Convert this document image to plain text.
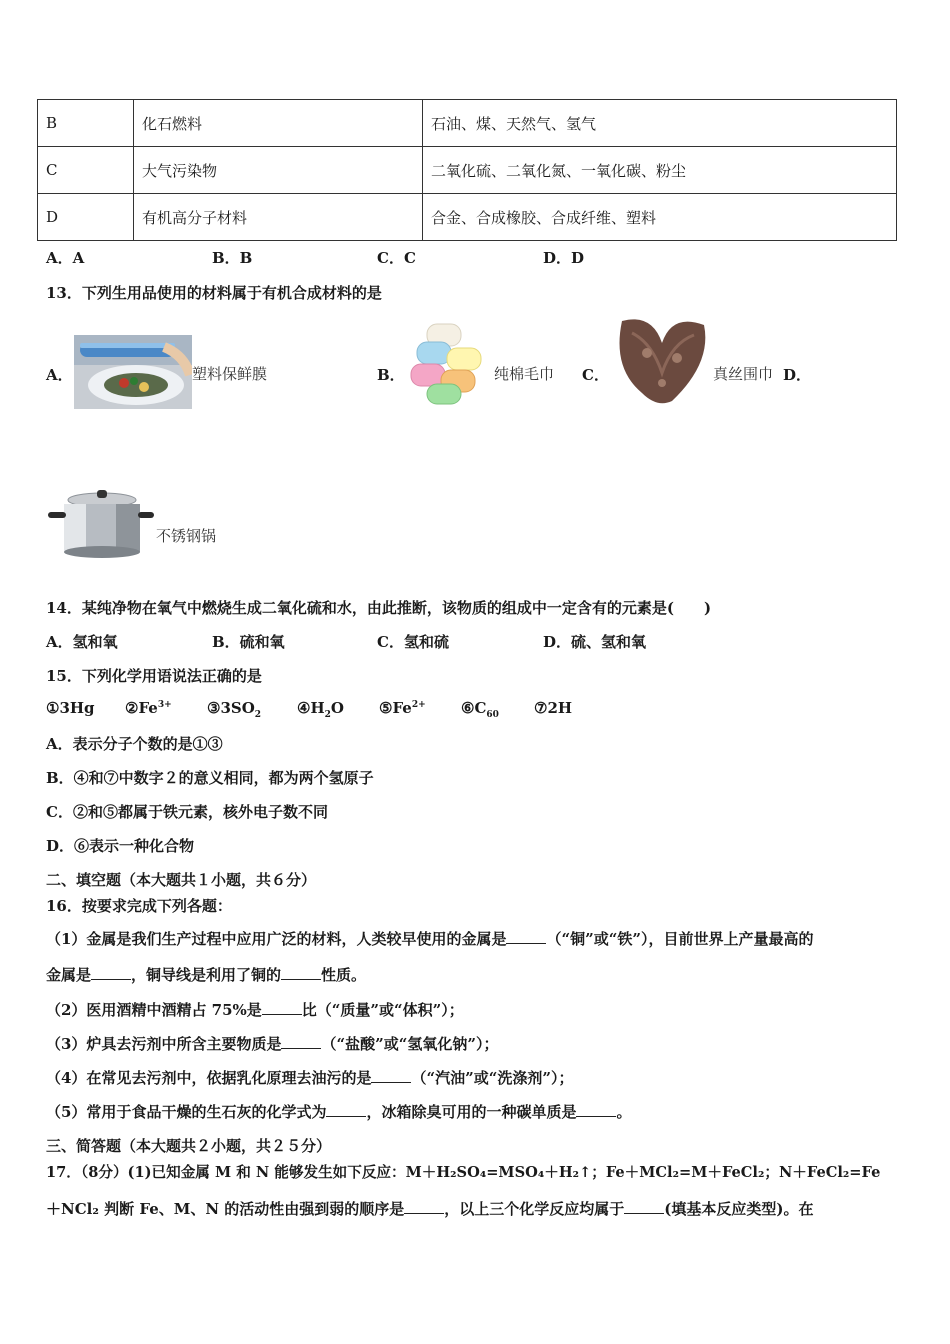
B	化石燃料	石油、煤、天然气、氢气
C	大气污染物	二氧化硫、二氧化氮、一氧化碳、粉尘
D	有机高分子材料	合金、合成橡胶、合成纤维、塑料
A．A	B．B	C．C	D．D
13．下列生用品使用的材料属于有机合成材料的是
A．	塑料保鲜膜	B．	纯棉毛巾 C．	真丝围巾 D．
不锈钢锅
14．某纯净物在氧气中燃烧生成二氧化硫和水，由此推断，该物质的组成中一定含有的元素是(　　)
A．氢和氧	B．硫和氧	C．氢和硫	D．硫、氢和氧
15．下列化学用语说法正确的是
①3Hg $②Fe^{3+}$ $③3SO_2$ $④H_2O$ $⑤Fe^{2+}$ $⑥C_{60}$ ⑦2H
A．表示分子个数的是①③
B．④和⑦中数字２的意义相同，都为两个氢原子
C．②和⑤都属于铁元素，核外电子数不同
D．⑥表示一种化合物
二、填空题（本大题共１小题，共６分）
16．按要求完成下列各题：
（1）金属是我们生产过程中应用广泛的材料，人类较早使用的金属是	（“铜”或“铁”），目前世界上产量最高的
金属是	，铜导线是利用了铜的	性质。
（2）医用酒精中酒精占 75%是	比（“质量”或“体积”）；
（3）炉具去污剂中所含主要物质是	（“盐酸”或“氢氧化钠”）；
（4）在常见去污剂中，依据乳化原理去油污的是	（“汽油”或“洗涤剂”）；
（5）常用于食品干燥的生石灰的化学式为	，冰箱除臭可用的一种碳单质是	。
三、简答题（本大题共２小题，共２５分）
17．（8分）(1)已知金属 M 和 N 能够发生如下反应：M＋H₂SO₄=MSO₄＋H₂↑；Fe＋MCl₂=M＋FeCl₂；N＋FeCl₂=Fe
＋NCl₂ 判断 Fe、M、N 的活动性由强到弱的顺序是	，以上三个化学反应均属于	(填基本反应类型)。在
